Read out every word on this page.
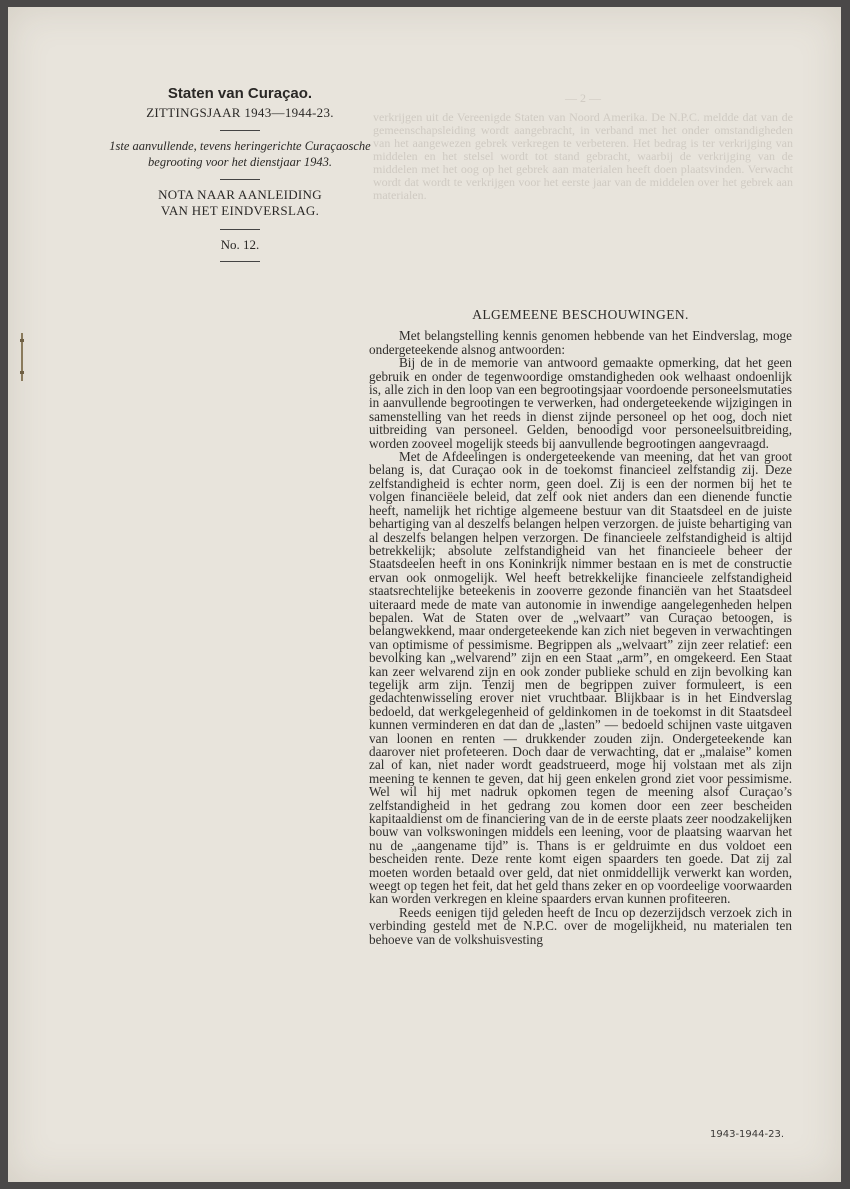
— 2 —
verkrijgen uit de Vereenigde Staten van Noord Amerika. De N.P.C. meldde dat van de gemeenschapsleiding wordt aangebracht, in verband met het onder omstandigheden van het aangewezen gebrek verkregen te verbeteren. Het bedrag is ter verkrijging van middelen en het stelsel wordt tot stand gebracht, waarbij de verkrijging van de middelen met het oog op het gebrek aan materialen heeft doen plaatsvinden. Verwacht wordt dat wordt te verkrijgen voor het eerste jaar van de middelen over het gebrek aan materialen.

Staten van Curaçao.

ZITTINGSJAAR 1943—1944-23.

1ste aanvullende, tevens heringerichte Curaçaosche begrooting voor het dienstjaar 1943.

NOTA NAAR AANLEIDING

VAN HET EINDVERSLAG.

No. 12.

ALGEMEENE BESCHOUWINGEN.

Met belangstelling kennis genomen hebbende van het Eindverslag, moge ondergeteekende alsnog antwoorden:

Bij de in de memorie van antwoord gemaakte opmerking, dat het geen gebruik en onder de tegenwoordige omstandigheden ook welhaast ondoenlijk is, alle zich in den loop van een begrootingsjaar voordoende personeelsmutaties in aanvullende begrootingen te verwerken, had ondergeteekende wijzigingen in samenstelling van het reeds in dienst zijnde personeel op het oog, doch niet uitbreiding van personeel. Gelden, benoodigd voor personeelsuitbreiding, worden zooveel mogelijk steeds bij aanvullende begrootingen aangevraagd.

Met de Afdeelingen is ondergeteekende van meening, dat het van groot belang is, dat Curaçao ook in de toekomst financieel zelfstandig zij. Deze zelfstandigheid is echter norm, geen doel. Zij is een der normen bij het te volgen financiëele beleid, dat zelf ook niet anders dan een dienende functie heeft, namelijk het richtige algemeene bestuur van dit Staatsdeel en de juiste behartiging van al deszelfs belangen helpen verzorgen. de juiste behartiging van al deszelfs belangen helpen verzorgen. De financieele zelfstandigheid is altijd betrekkelijk; absolute zelfstandigheid van het financieele beheer der Staatsdeelen heeft in ons Koninkrijk nimmer bestaan en is met de constructie ervan ook onmogelijk. Wel heeft betrekkelijke financieele zelfstandigheid staatsrechtelijke beteekenis in zooverre gezonde financiën van het Staatsdeel uiteraard mede de mate van autonomie in inwendige aangelegenheden helpen bepalen. Wat de Staten over de „welvaart” van Curaçao betoogen, is belangwekkend, maar ondergeteekende kan zich niet begeven in verwachtingen van optimisme of pessimisme. Begrippen als „welvaart” zijn zeer relatief: een bevolking kan „welvarend” zijn en een Staat „arm”, en omgekeerd. Een Staat kan zeer welvarend zijn en ook zonder publieke schuld en zijn bevolking kan tegelijk arm zijn. Tenzij men de begrippen zuiver formuleert, is een gedachtenwisseling erover niet vruchtbaar. Blijkbaar is in het Eindverslag bedoeld, dat werkgelegenheid of geldinkomen in de toekomst in dit Staatsdeel kunnen verminderen en dat dan de „lasten” — bedoeld schijnen vaste uitgaven van loonen en renten — drukkender zouden zijn. Ondergeteekende kan daarover niet profeteeren. Doch daar de verwachting, dat er „malaise” komen zal of kan, niet nader wordt geadstrueerd, moge hij volstaan met als zijn meening te kennen te geven, dat hij geen enkelen grond ziet voor pessimisme. Wel wil hij met nadruk opkomen tegen de meening alsof Curaçao’s zelfstandigheid in het gedrang zou komen door een zeer bescheiden kapitaaldienst om de financiering van de in de eerste plaats zeer noodzakelijken bouw van volkswoningen middels een leening, voor de plaatsing waarvan het nu de „aangename tijd” is. Thans is er geldruimte en dus voldoet een bescheiden rente. Deze rente komt eigen spaarders ten goede. Dat zij zal moeten worden betaald over geld, dat niet onmiddellijk verwerkt kan worden, weegt op tegen het feit, dat het geld thans zeker en op voordeelige voorwaarden kan worden verkregen en kleine spaarders ervan kunnen profiteeren.

Reeds eenigen tijd geleden heeft de Incu op dezerzijdsch verzoek zich in verbinding gesteld met de N.P.C. over de mogelijkheid, nu materialen ten behoeve van de volkshuisvesting

1943-1944-23.
